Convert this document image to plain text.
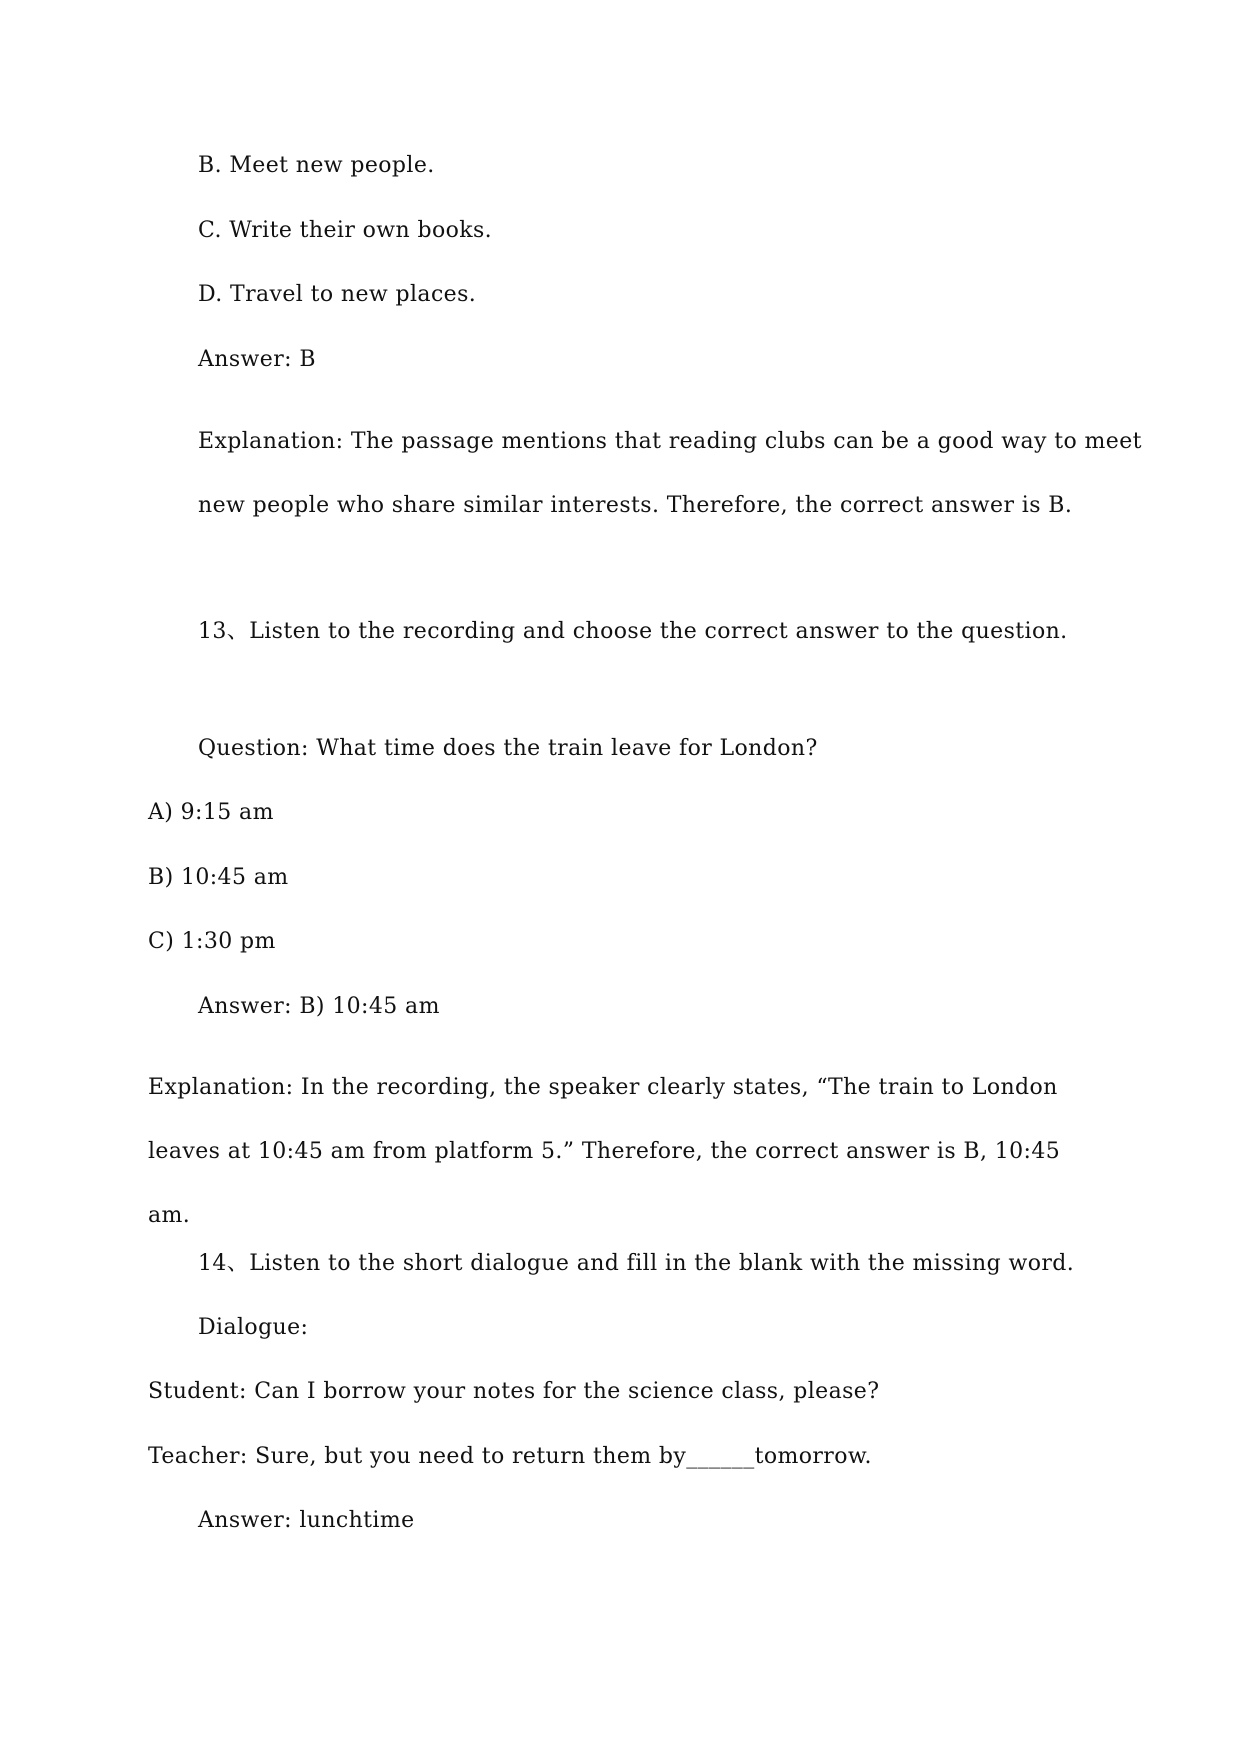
B. Meet new people.

C. Write their own books.

D. Travel to new places.

Answer: B

Explanation: The passage mentions that reading clubs can be a good way to meet new people who share similar interests. Therefore, the correct answer is B.

13、Listen to the recording and choose the correct answer to the question.

Question: What time does the train leave for London?

A) 9:15 am

B) 10:45 am

C) 1:30 pm

Answer: B) 10:45 am

Explanation: In the recording, the speaker clearly states, “The train to London leaves at 10:45 am from platform 5.” Therefore, the correct answer is B, 10:45 am.

14、Listen to the short dialogue and fill in the blank with the missing word.

Dialogue:

Student: Can I borrow your notes for the science class, please?

Teacher: Sure, but you need to return them by______tomorrow.

Answer: lunchtime
